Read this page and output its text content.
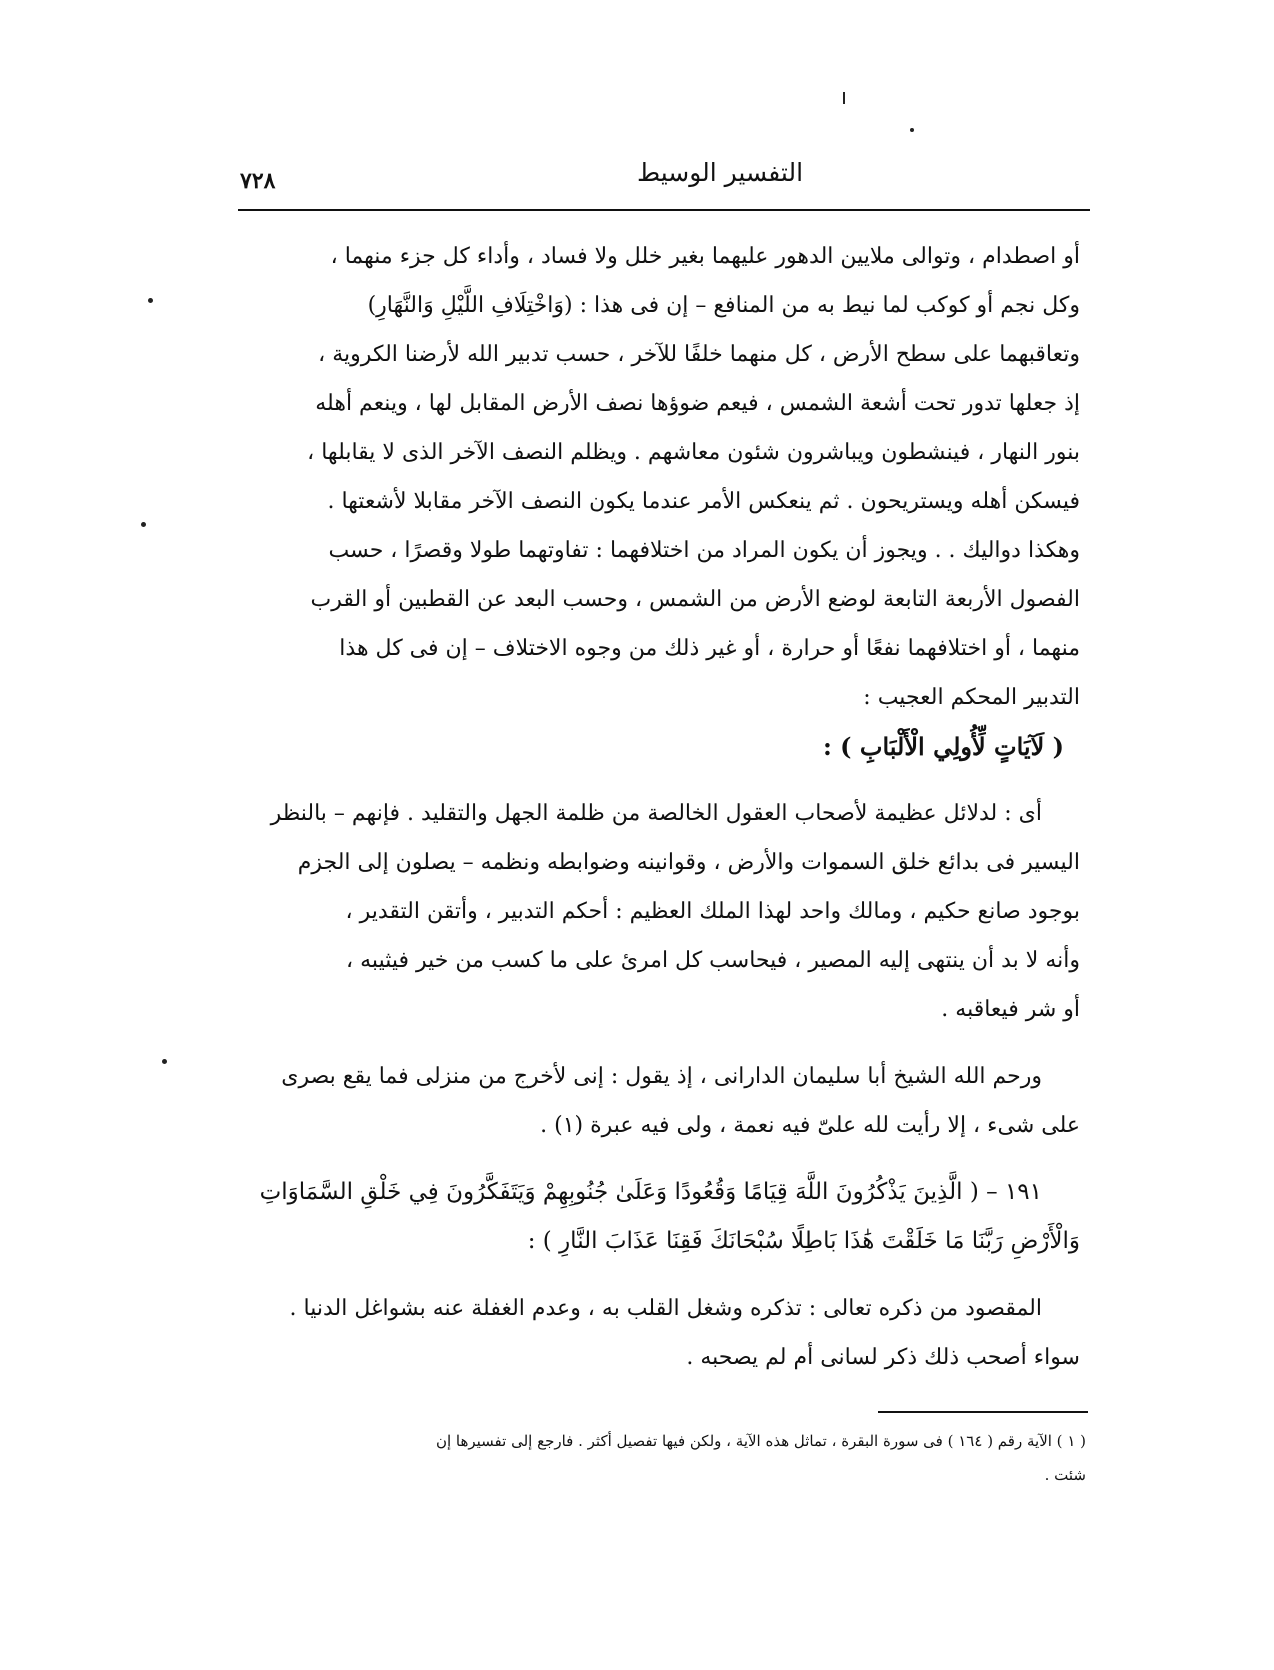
٧٢٨	التفسير الوسيط

أو اصطدام ، وتوالى ملايين الدهور عليهما بغير خلل ولا فساد ، وأداء كل جزء منهما ،
وكل نجم أو كوكب لما نيط به من المنافع – إن فى هذا : (وَاخْتِلَافِ اللَّيْلِ وَالنَّهَارِ)
وتعاقبهما على سطح الأرض ، كل منهما خلفًا للآخر ، حسب تدبير الله لأرضنا الكروية ،
إذ جعلها تدور تحت أشعة الشمس ، فيعم ضوؤها نصف الأرض المقابل لها ، وينعم أهله
بنور النهار ، فينشطون ويباشرون شئون معاشهم . ويظلم النصف الآخر الذى لا يقابلها ،
فيسكن أهله ويستريحون . ثم ينعكس الأمر عندما يكون النصف الآخر مقابلا لأشعتها .
وهكذا دواليك . . ويجوز أن يكون المراد من اختلافهما : تفاوتهما طولا وقصرًا ، حسب
الفصول الأربعة التابعة لوضع الأرض من الشمس ، وحسب البعد عن القطبين أو القرب
منهما ، أو اختلافهما نفعًا أو حرارة ، أو غير ذلك من وجوه الاختلاف – إن فى كل هذا
التدبير المحكم العجيب :

( لَآيَاتٍ لِّأُولِي الْأَلْبَابِ ) :

أى : لدلائل عظيمة لأصحاب العقول الخالصة من ظلمة الجهل والتقليد . فإنهم – بالنظر
اليسير فى بدائع خلق السموات والأرض ، وقوانينه وضوابطه ونظمه – يصلون إلى الجزم
بوجود صانع حكيم ، ومالك واحد لهذا الملك العظيم : أحكم التدبير ، وأتقن التقدير ،
وأنه لا بد أن ينتهى إليه المصير ، فيحاسب كل امرئ على ما كسب من خير فيثيبه ،
أو شر فيعاقبه .

ورحم الله الشيخ أبا سليمان الدارانى ، إذ يقول : إنى لأخرج من منزلى فما يقع بصرى
على شىء ، إلا رأيت لله علىّ فيه نعمة ، ولى فيه عبرة (١) .

١٩١ – ( الَّذِينَ يَذْكُرُونَ اللَّهَ قِيَامًا وَقُعُودًا وَعَلَىٰ جُنُوبِهِمْ وَيَتَفَكَّرُونَ فِي خَلْقِ السَّمَاوَاتِ
وَالْأَرْضِ رَبَّنَا مَا خَلَقْتَ هَٰذَا بَاطِلًا سُبْحَانَكَ فَقِنَا عَذَابَ النَّارِ ) :

المقصود من ذكره تعالى : تذكره وشغل القلب به ، وعدم الغفلة عنه بشواغل الدنيا .
سواء أصحب ذلك ذكر لسانى أم لم يصحبه .

( ١ ) الآية رقم ( ١٦٤ ) فى سورة البقرة ، تماثل هذه الآية ، ولكن فيها تفصيل أكثر . فارجع إلى تفسيرها إن
شئت .
